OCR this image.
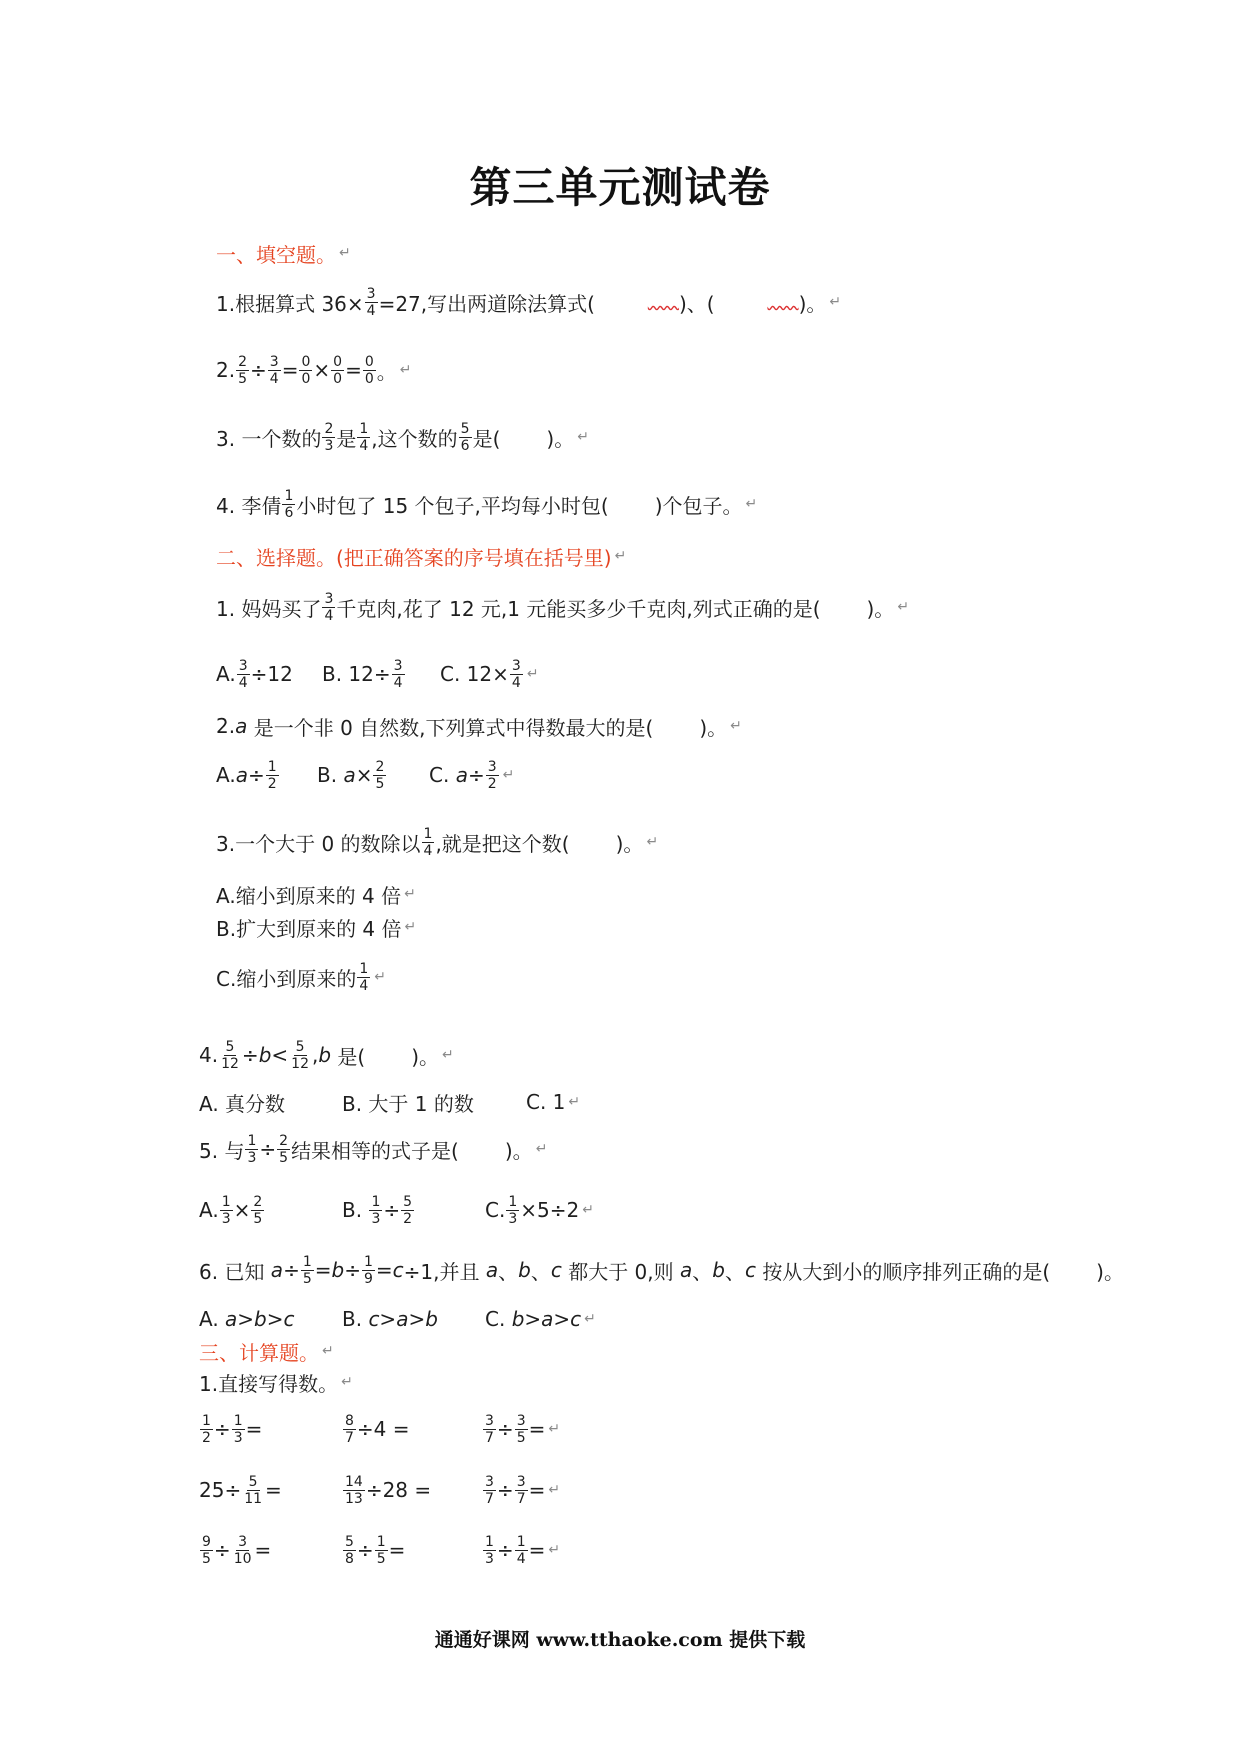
第三单元测试卷
一、填空题。 ↵
1.根据算式 $36\times \frac{3}{4} =27$,写出两道除法算式(	)、(	)。 ↵
2. $\frac{2}{5} \div \frac{3}{4} = \frac{0}{0} \times \frac{0}{0} = \frac{0}{0}$ 。 ↵
3. 一个数的 $\frac{2}{3}$ 是 $\frac{1}{4}$ ,这个数的 $\frac{5}{6}$ 是( )。 ↵
4. 李倩 $\frac{1}{6}$ 小时包了 15 个包子,平均每小时包( )个包子。 ↵
二、选择题。(把正确答案的序号填在括号里) ↵
1. 妈妈买了 $\frac{3}{4}$ 千克肉,花了 12 元,1 元能买多少千克肉,列式正确的是( )。 ↵
A. $\frac{3}{4} \div 12$ B. $12\div \frac{3}{4} C$. $12\times \frac{3}{4}$ ↵
2. a 是一个非 0 自然数,下列算式中得数最大的是( )。 ↵
A. $a \div \frac{1}{2} B$. $a \times \frac{2}{5} C$. $a \div \frac{3}{2}$ ↵
3.一个大于 0 的数除以 $\frac{1}{4}$ ,就是把这个数( )。 ↵
A.缩小到原来的 4 倍 ↵
B.扩大到原来的 4 倍 ↵
C.缩小到原来的 $\frac{1}{4}$ ↵
4. $\frac{5}{12} \div b < \frac{5}{12}$ , b 是( )。 ↵
A. 真分数	B. 大于 1 的数	C. 1 ↵
5. 与 $\frac{1}{3} \div \frac{2}{5}$ 结果相等的式子是( )。 ↵
A. $\frac{1}{3} \times \frac{2}{5}$	B. $\frac{1}{3} \div \frac{5}{2}$	C. $\frac{1}{3} \times 5\div 2$ ↵
6. 已知 $a \div \frac{1}{5} = b \div \frac{1}{9} = c \div 1$,并且 a 、 b 、 c 都大于 0,则 a 、 b 、 c 按从大到小的顺序排列正确的是( )。
A. a>b>c B. c>a>b C. b>a>c ↵
三、计算题。 ↵
1.直接写得数。 ↵
$\frac{1}{2} \div \frac{1}{3}$ =	$\frac{8}{7} \div 4$ =	$\frac{3}{7} \div \frac{3}{5}$ = ↵
$25\div \frac{5}{11}$ =	$\frac{14}{13} \div 28$ =	$\frac{3}{7} \div \frac{3}{7}$ = ↵
$\frac{9}{5} \div \frac{3}{10}$ =	$\frac{5}{8} \div \frac{1}{5}$ =	$\frac{1}{3} \div \frac{1}{4}$ = ↵
通通好课网 www.tthaoke.com 提供下载
